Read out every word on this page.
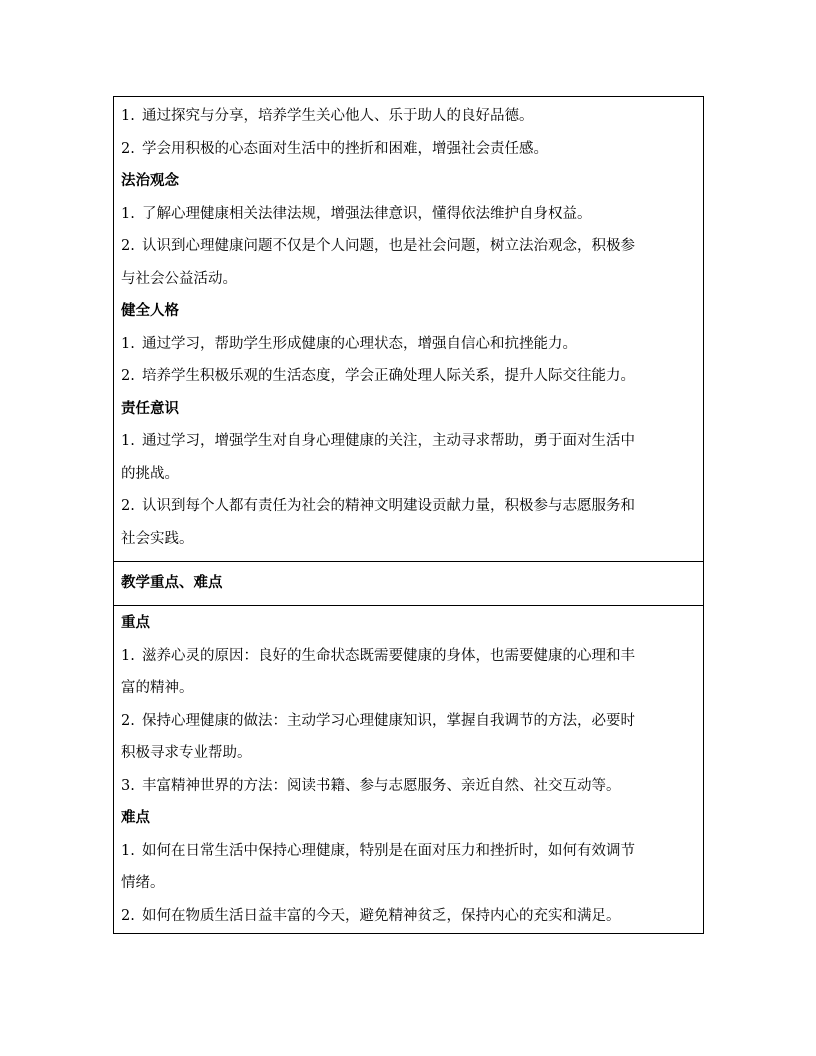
1. 通过探究与分享，培养学生关心他人、乐于助人的良好品德。
2. 学会用积极的心态面对生活中的挫折和困难，增强社会责任感。
法治观念
1. 了解心理健康相关法律法规，增强法律意识，懂得依法维护自身权益。
2. 认识到心理健康问题不仅是个人问题，也是社会问题，树立法治观念，积极参
与社会公益活动。
健全人格
1. 通过学习，帮助学生形成健康的心理状态，增强自信心和抗挫能力。
2. 培养学生积极乐观的生活态度，学会正确处理人际关系，提升人际交往能力。
责任意识
1. 通过学习，增强学生对自身心理健康的关注，主动寻求帮助，勇于面对生活中
的挑战。
2. 认识到每个人都有责任为社会的精神文明建设贡献力量，积极参与志愿服务和
社会实践。
教学重点、难点
重点
1. 滋养心灵的原因：良好的生命状态既需要健康的身体，也需要健康的心理和丰
富的精神。
2. 保持心理健康的做法：主动学习心理健康知识，掌握自我调节的方法，必要时
积极寻求专业帮助。
3. 丰富精神世界的方法：阅读书籍、参与志愿服务、亲近自然、社交互动等。
难点
1. 如何在日常生活中保持心理健康，特别是在面对压力和挫折时，如何有效调节
情绪。
2. 如何在物质生活日益丰富的今天，避免精神贫乏，保持内心的充实和满足。
